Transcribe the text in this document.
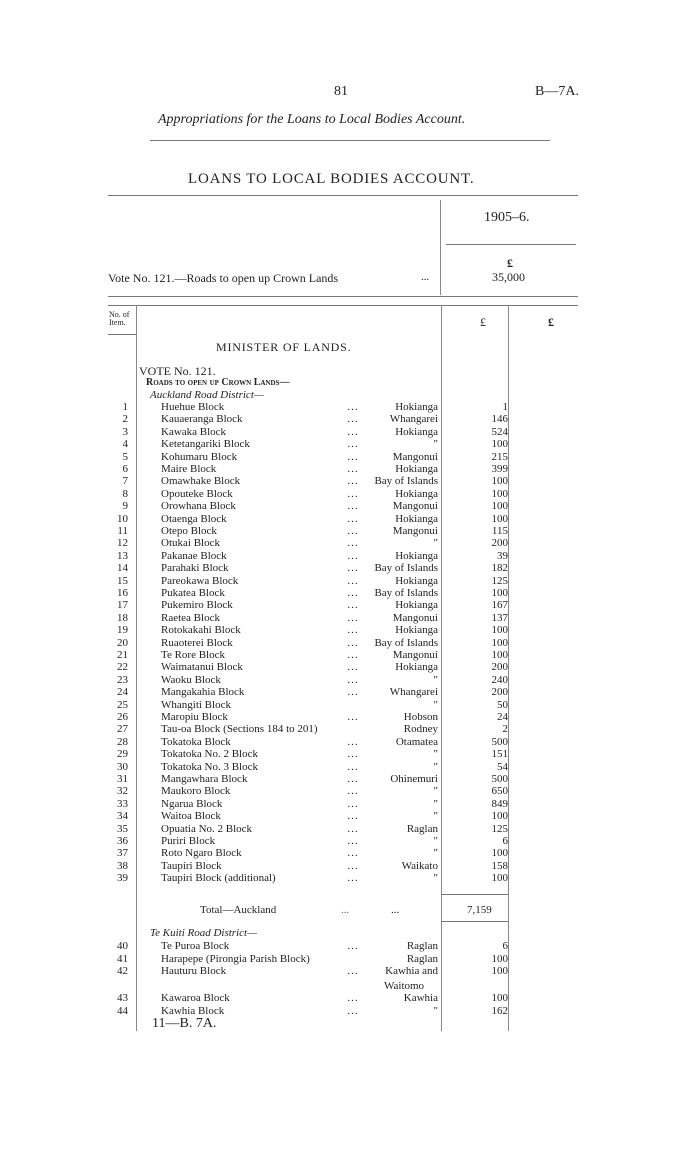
81	B—7A.
Appropriations for the Loans to Local Bodies Account.
LOANS TO LOCAL BODIES ACCOUNT.
1905–6.
£
Vote No. 121.—Roads to open up Crown Lands	...	35,000
No. of Item.	£	£
MINISTER OF LANDS.
VOTE No. 121.
Roads to open up Crown Lands—
Auckland Road District—
1	Huehue Block	...	Hokianga	1
2	Kauaeranga Block	...	Whangarei	146
3	Kawaka Block	...	Hokianga	524
4	Ketetangariki Block	...	"	100
5	Kohumaru Block	...	Mangonui	215
6	Maire Block	...	Hokianga	399
7	Omawhake Block	...	Bay of Islands	100
8	Opouteke Block	...	Hokianga	100
9	Orowhana Block	...	Mangonui	100
10	Otaenga Block	...	Hokianga	100
11	Otepo Block	...	Mangonui	115
12	Otukai Block	...	"	200
13	Pakanae Block	...	Hokianga	39
14	Parahaki Block	...	Bay of Islands	182
15	Pareokawa Block	...	Hokianga	125
16	Pukatea Block	...	Bay of Islands	100
17	Pukemiro Block	...	Hokianga	167
18	Raetea Block	...	Mangonui	137
19	Rotokakahi Block	...	Hokianga	100
20	Ruaoterei Block	...	Bay of Islands	100
21	Te Rore Block	...	Mangonui	100
22	Waimatanui Block	...	Hokianga	200
23	Waoku Block	...	"	240
24	Mangakahia Block	...	Whangarei	200
25	Whangiti Block	"	50
26	Maropiu Block	...	Hobson	24
27	Tau-oa Block (Sections 184 to 201)	Rodney	2
28	Tokatoka Block	...	Otamatea	500
29	Tokatoka No. 2 Block	...	"	151
30	Tokatoka No. 3 Block	...	"	54
31	Mangawhara Block	...	Ohinemuri	500
32	Maukoro Block	...	"	650
33	Ngarua Block	...	"	849
34	Waitoa Block	...	"	100
35	Opuatia No. 2 Block	...	Raglan	125
36	Puriri Block	...	"	6
37	Roto Ngaro Block	...	"	100
38	Taupiri Block	...	Waikato	158
39	Taupiri Block (additional)	...	"	100
Total—Auckland	...	...	7,159
Te Kuiti Road District—
40	Te Puroa Block	...	Raglan	6
41	Harapepe (Pirongia Parish Block)	Raglan	100
42	Hauturu Block	...	Kawhia and	100
Waitomo
43	Kawaroa Block	...	Kawhia	100
44	Kawhia Block	...	"	162
11—B. 7A.
